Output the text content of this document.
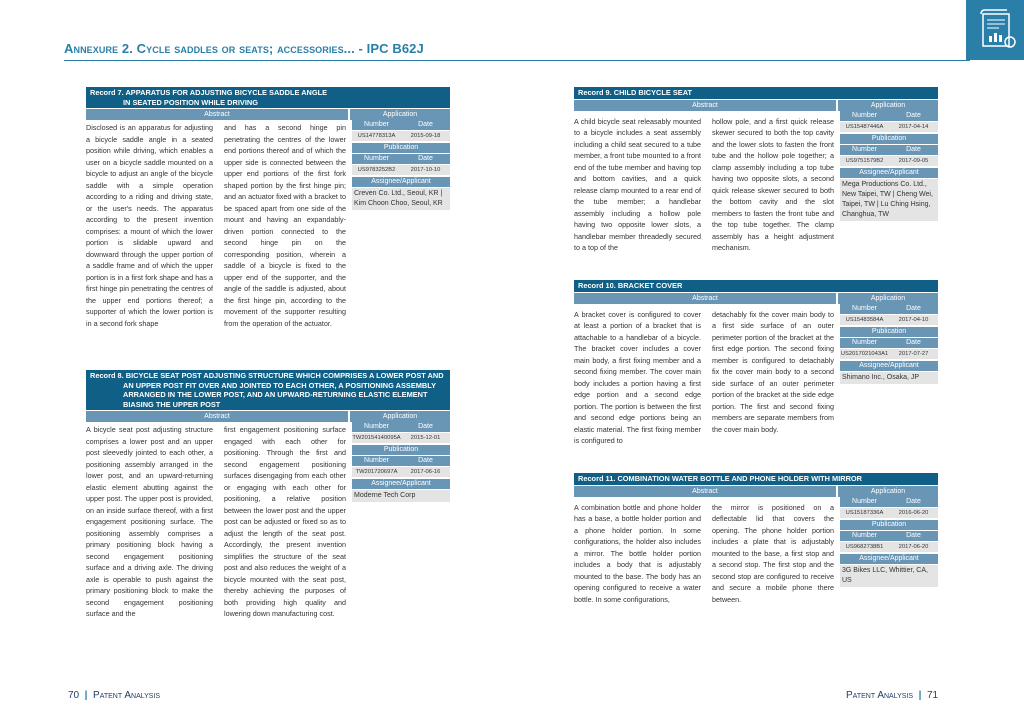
Annexure 2. Cycle saddles or seats; accessories... - IPC B62J
Record 7. APPARATUS FOR ADJUSTING BICYCLE SADDLE ANGLE
IN SEATED POSITION WHILE DRIVING
Abstract	Application
Disclosed is an apparatus for adjusting a bicycle saddle angle in a seated position while driving, which enables a user on a bicycle saddle mounted on a bicycle to adjust an angle of the bicycle saddle with a simple operation according to a riding and driving state, or the user's needs. The apparatus according to the present invention comprises: a mount of which the lower portion is slidable upward and downward through the upper portion of a saddle frame and of which the upper portion is in a first fork shape and has a first hinge pin penetrating the centres of the upper end portions thereof; a supporter of which the lower portion is in a second fork shape
and has a second hinge pin penetrating the centres of the lower end portions thereof and of which the upper side is connected between the upper end portions of the first fork shaped portion by the first hinge pin; and an actuator fixed with a bracket to be spaced apart from one side of the mount and having an expandably-driven portion connected to the second hinge pin on the corresponding position, wherein a saddle of a bicycle is fixed to the upper end of the supporter, and the angle of the saddle is adjusted, about the first hinge pin, according to the movement of the supporter resulting from the operation of the actuator.
Number	Date
US14778313A	2015-09-18
Publication
Number	Date
US9783252B2	2017-10-10
Assignee/Applicant
Creven Co. Ltd., Seoul, KR | Kim Choon Choo, Seoul, KR
Record 8. BICYCLE SEAT POST ADJUSTING STRUCTURE WHICH COMPRISES A LOWER POST AND
AN UPPER POST FIT OVER AND JOINTED TO EACH OTHER, A POSITIONING ASSEMBLY
ARRANGED IN THE LOWER POST, AND AN UPWARD-RETURNING ELASTIC ELEMENT
BIASING THE UPPER POST
Abstract	Application
A bicycle seat post adjusting structure comprises a lower post and an upper post sleevedly jointed to each other, a positioning assembly arranged in the lower post, and an upward-returning elastic element abutting against the upper post. The upper post is provided, on an inside surface thereof, with a first engagement positioning surface. The positioning assembly comprises a primary positioning block having a second engagement positioning surface and a driving axle. The driving axle is operable to push against the primary positioning block to make the second engagement positioning surface and the
first engagement positioning surface engaged with each other for positioning. Through the first and second engagement positioning surfaces disengaging from each other or engaging with each other for positioning, a relative position between the lower post and the upper post can be adjusted or fixed so as to adjust the length of the seat post. Accordingly, the present invention simplifies the structure of the seat post and also reduces the weight of a bicycle mounted with the seat post, thereby achieving the purposes of both providing high quality and lowering down manufacturing cost.
Number	Date
TW20154140095A	2015-12-01
Publication
Number	Date
TW201720697A	2017-06-16
Assignee/Applicant
Moderne Tech Corp
Record 9. CHILD BICYCLE SEAT
Abstract	Application
A child bicycle seat releasably mounted to a bicycle includes a seat assembly including a child seat secured to a tube member, a front tube mounted to a front end of the tube member and having top and bottom cavities, and a quick release clamp mounted to a rear end of the tube member; a handlebar assembly including a hollow pole having two opposite lower slots, a handlebar member threadedly secured to a top of the
hollow pole, and a first quick release skewer secured to both the top cavity and the lower slots to fasten the front tube and the hollow pole together; a clamp assembly including a top tube having two opposite slots, a second quick release skewer secured to both the bottom cavity and the slot members to fasten the front tube and the top tube together. The clamp assembly has a height adjustment mechanism.
Number	Date
US15487446A	2017-04-14
Publication
Number	Date
US9751579B2	2017-09-05
Assignee/Applicant
Mega Productions Co. Ltd., New Taipei, TW | Cheng Wei, Taipei, TW | Lu Ching Hsing, Changhua, TW
Record 10. BRACKET COVER
Abstract	Application
A bracket cover is configured to cover at least a portion of a bracket that is attachable to a handlebar of a bicycle. The bracket cover includes a cover main body, a first fixing member and a second fixing member. The cover main body includes a portion having a first edge portion and a second edge portion. The portion is between the first and second edge portions being an elastic material. The first fixing member is configured to
detachably fix the cover main body to a first side surface of an outer perimeter portion of the bracket at the first edge portion. The second fixing member is configured to detachably fix the cover main body to a second side surface of an outer perimeter portion of the bracket at the side edge portion. The first and second fixing members are separate members from the cover main body.
Number	Date
US15483584A	2017-04-10
Publication
Number	Date
US2017021043A1	2017-07-27
Assignee/Applicant
Shimano Inc., Osaka, JP
Record 11. COMBINATION WATER BOTTLE AND PHONE HOLDER WITH MIRROR
Abstract	Application
A combination bottle and phone holder has a base, a bottle holder portion and a phone holder portion. In some configurations, the holder also includes a mirror. The bottle holder portion includes a body that is adjustably mounted to the base. The body has an opening configured to receive a water bottle. In some configurations,
the mirror is positioned on a deflectable lid that covers the opening. The phone holder portion includes a plate that is adjustably mounted to the base, a first stop and a second stop. The first stop and the second stop are configured to receive and secure a mobile phone there between.
Number	Date
US15187336A	2016-06-20
Publication
Number	Date
US9682738B1	2017-06-20
Assignee/Applicant
3G Bikes LLC, Whittier, CA, US
70  |  Patent Analysis	Patent Analysis  |  71
